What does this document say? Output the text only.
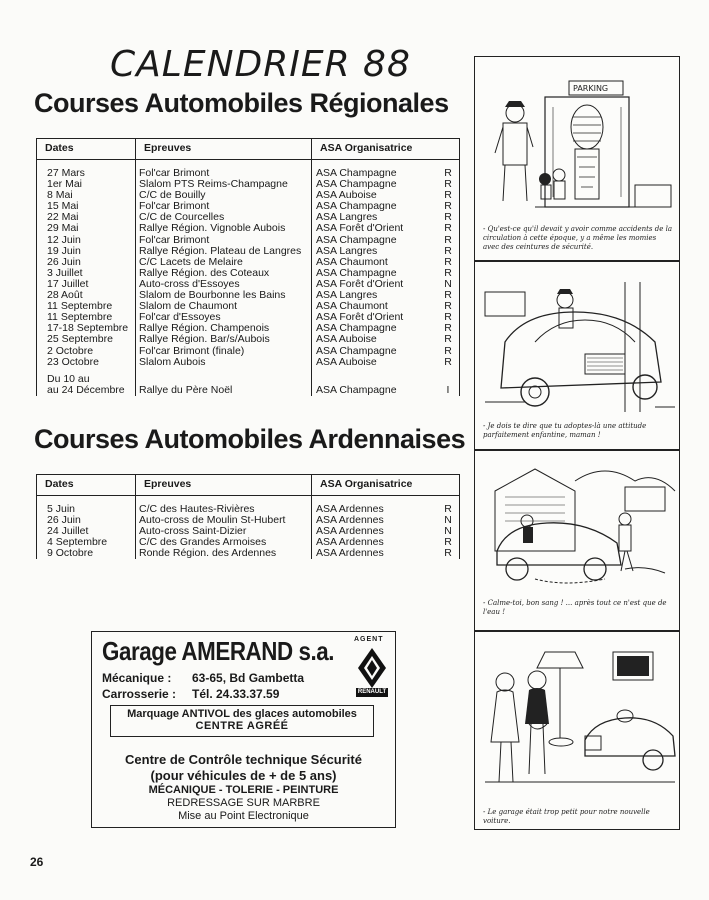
CALENDRIER 88
Courses Automobiles Régionales
Dates	Epreuves	ASA Organisatrice
27 Mars	Fol'car Brimont	ASA Champagne	R
1er Mai	Slalom PTS Reims-Champagne	ASA Champagne	R
8 Mai	C/C de Bouilly	ASA Auboise	R
15 Mai	Fol'car Brimont	ASA Champagne	R
22 Mai	C/C de Courcelles	ASA Langres	R
29 Mai	Rallye Région. Vignoble Aubois	ASA Forêt d'Orient	R
12 Juin	Fol'car Brimont	ASA Champagne	R
19 Juin	Rallye Région. Plateau de Langres	ASA Langres	R
26 Juin	C/C Lacets de Melaire	ASA Chaumont	R
3 Juillet	Rallye Région. des Coteaux	ASA Champagne	R
17 Juillet	Auto-cross d'Essoyes	ASA Forêt d'Orient	N
28 Août	Slalom de Bourbonne les Bains	ASA Langres	R
11 Septembre	Slalom de Chaumont	ASA Chaumont	R
11 Septembre	Fol'car d'Essoyes	ASA Forêt d'Orient	R
17-18 Septembre	Rallye Région. Champenois	ASA Champagne	R
25 Septembre	Rallye Région. Bar/s/Aubois	ASA Auboise	R
2 Octobre	Fol'car Brimont (finale)	ASA Champagne	R
23 Octobre	Slalom Aubois	ASA Auboise	R
Du 10 au
au 24 Décembre	Rallye du Père Noël	ASA Champagne	I
Courses Automobiles Ardennaises
Dates	Epreuves	ASA Organisatrice
5 Juin	C/C des Hautes-Rivières	ASA Ardennes	R
26 Juin	Auto-cross de Moulin St-Hubert	ASA Ardennes	N
24 Juillet	Auto-cross Saint-Dizier	ASA Ardennes	N
4 Septembre	C/C des Grandes Armoises	ASA Ardennes	R
9 Octobre	Ronde Région. des Ardennes	ASA Ardennes	R
Garage AMERAND s.a.	AGENT
RENAULT
Mécanique : 63-65, Bd Gambetta
Carrosserie : Tél. 24.33.37.59
Marquage ANTIVOL des glaces automobiles
CENTRE AGRÉÉ
Centre de Contrôle technique Sécurité
(pour véhicules de + de 5 ans)
MÉCANIQUE - TOLERIE - PEINTURE
REDRESSAGE SUR MARBRE
Mise au Point Electronique
PARKING
- Qu'est-ce qu'il devait y avoir comme accidents de la circulation à cette époque, y a même les momies avec des ceintures de sécurité.
- Je dois te dire que tu adoptes-là une attitude parfaitement enfantine, maman !
- Calme-toi, bon sang ! ... après tout ce n'est que de l'eau !
- Le garage était trop petit pour notre nouvelle voiture.
26
